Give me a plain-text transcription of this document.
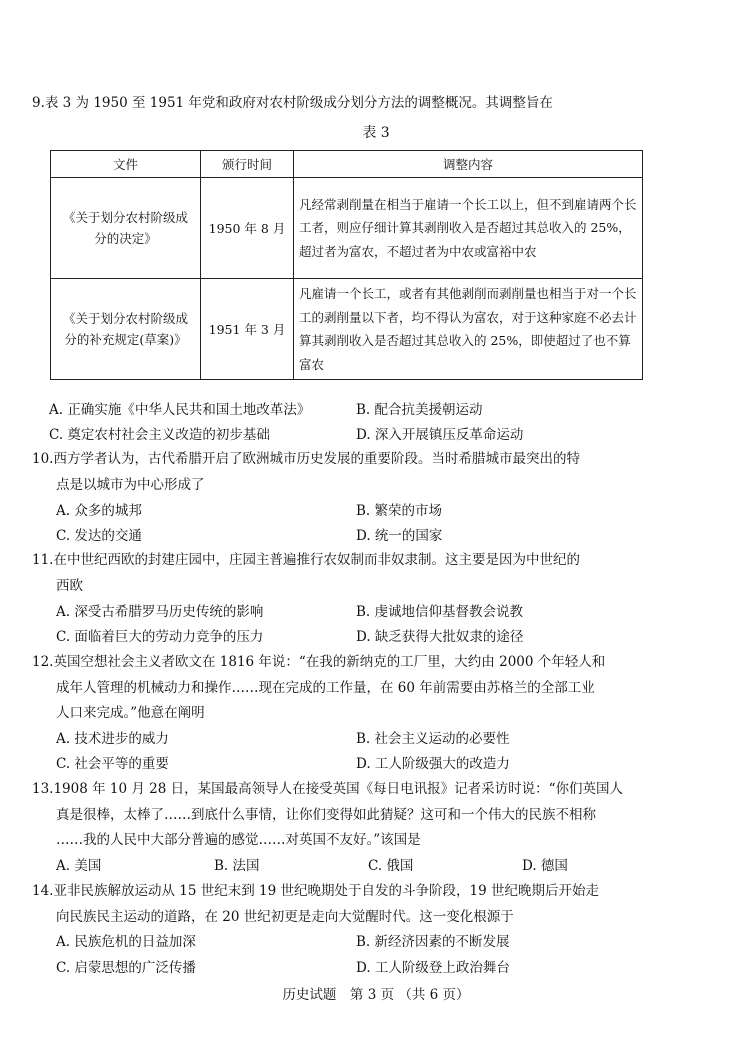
9.表 3 为 1950 至 1951 年党和政府对农村阶级成分划分方法的调整概况。其调整旨在
表 3
文件	颁行时间	调整内容
《关于划分农村阶级成分的决定》	1950 年 8 月	凡经常剥削量在相当于雇请一个长工以上，但不到雇请两个长工者，则应仔细计算其剥削收入是否超过其总收入的 25%，超过者为富农，不超过者为中农或富裕中农
《关于划分农村阶级成分的补充规定(草案)》	1951 年 3 月	凡雇请一个长工，或者有其他剥削而剥削量也相当于对一个长工的剥削量以下者，均不得认为富农，对于这种家庭不必去计算其剥削收入是否超过其总收入的 25%，即使超过了也不算富农
A. 正确实施《中华人民共和国土地改革法》	B. 配合抗美援朝运动
C. 奠定农村社会主义改造的初步基础	D. 深入开展镇压反革命运动
10.西方学者认为，古代希腊开启了欧洲城市历史发展的重要阶段。当时希腊城市最突出的特
点是以城市为中心形成了
A. 众多的城邦	B. 繁荣的市场
C. 发达的交通	D. 统一的国家
11.在中世纪西欧的封建庄园中，庄园主普遍推行农奴制而非奴隶制。这主要是因为中世纪的
西欧
A. 深受古希腊罗马历史传统的影响	B. 虔诚地信仰基督教会说教
C. 面临着巨大的劳动力竞争的压力	D. 缺乏获得大批奴隶的途径
12.英国空想社会主义者欧文在 1816 年说：“在我的新纳克的工厂里，大约由 2000 个年轻人和
成年人管理的机械动力和操作……现在完成的工作量，在 60 年前需要由苏格兰的全部工业
人口来完成。”他意在阐明
A. 技术进步的威力	B. 社会主义运动的必要性
C. 社会平等的重要	D. 工人阶级强大的改造力
13.1908 年 10 月 28 日，某国最高领导人在接受英国《每日电讯报》记者采访时说：“你们英国人
真是很棒，太棒了……到底什么事情，让你们变得如此猜疑？这可和一个伟大的民族不相称
……我的人民中大部分普遍的感觉……对英国不友好。”该国是
A. 美国	B. 法国	C. 俄国	D. 德国
14.亚非民族解放运动从 15 世纪末到 19 世纪晚期处于自发的斗争阶段，19 世纪晚期后开始走
向民族民主运动的道路，在 20 世纪初更是走向大觉醒时代。这一变化根源于
A. 民族危机的日益加深	B. 新经济因素的不断发展
C. 启蒙思想的广泛传播	D. 工人阶级登上政治舞台
历史试题　第 3 页 （共 6 页）
